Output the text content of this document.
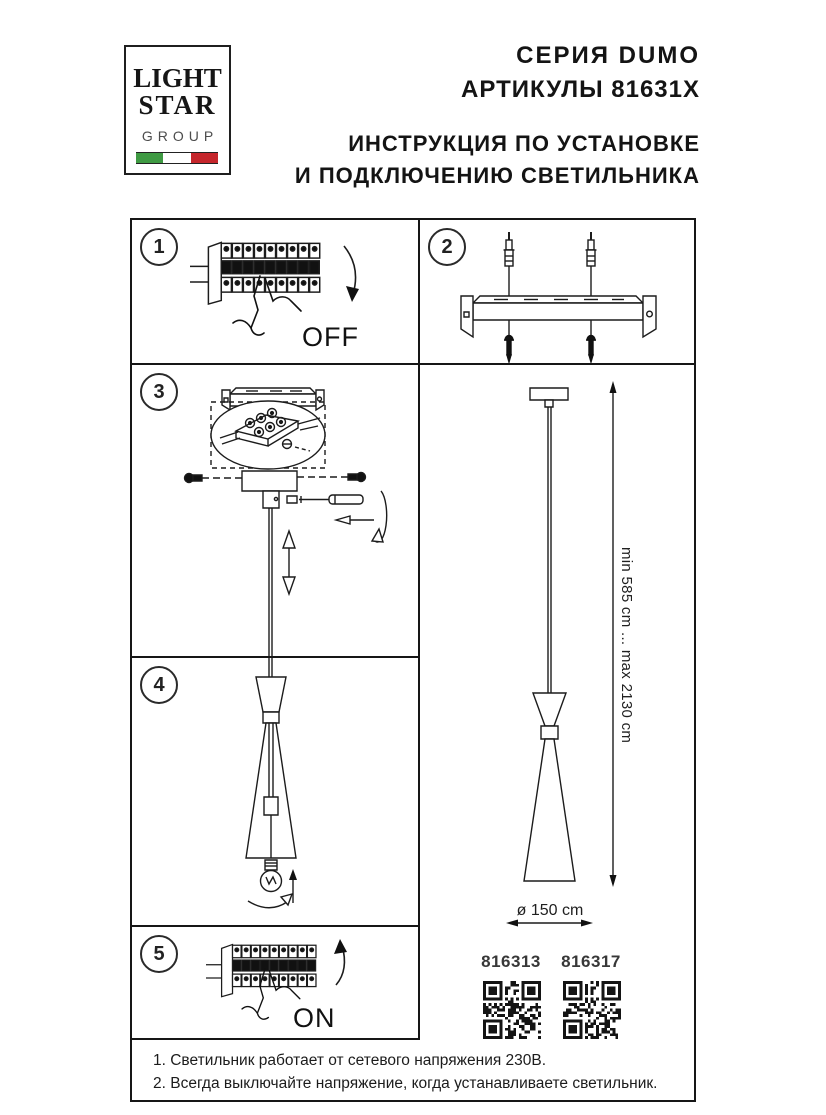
LIGHT
STAR
GROUP
СЕРИЯ DUMO
АРТИКУЛЫ 81631X
ИНСТРУКЦИЯ ПО УСТАНОВКЕ
И ПОДКЛЮЧЕНИЮ СВЕТИЛЬНИКА
1
OFF
2
3
4
5
ON
min 585 cm ... max 2130 cm
ø 150 cm
816313 816317

1. Светильник работает от сетевого напряжения 230В.

2. Всегда выключайте напряжение, когда устанавливаете светильник.
